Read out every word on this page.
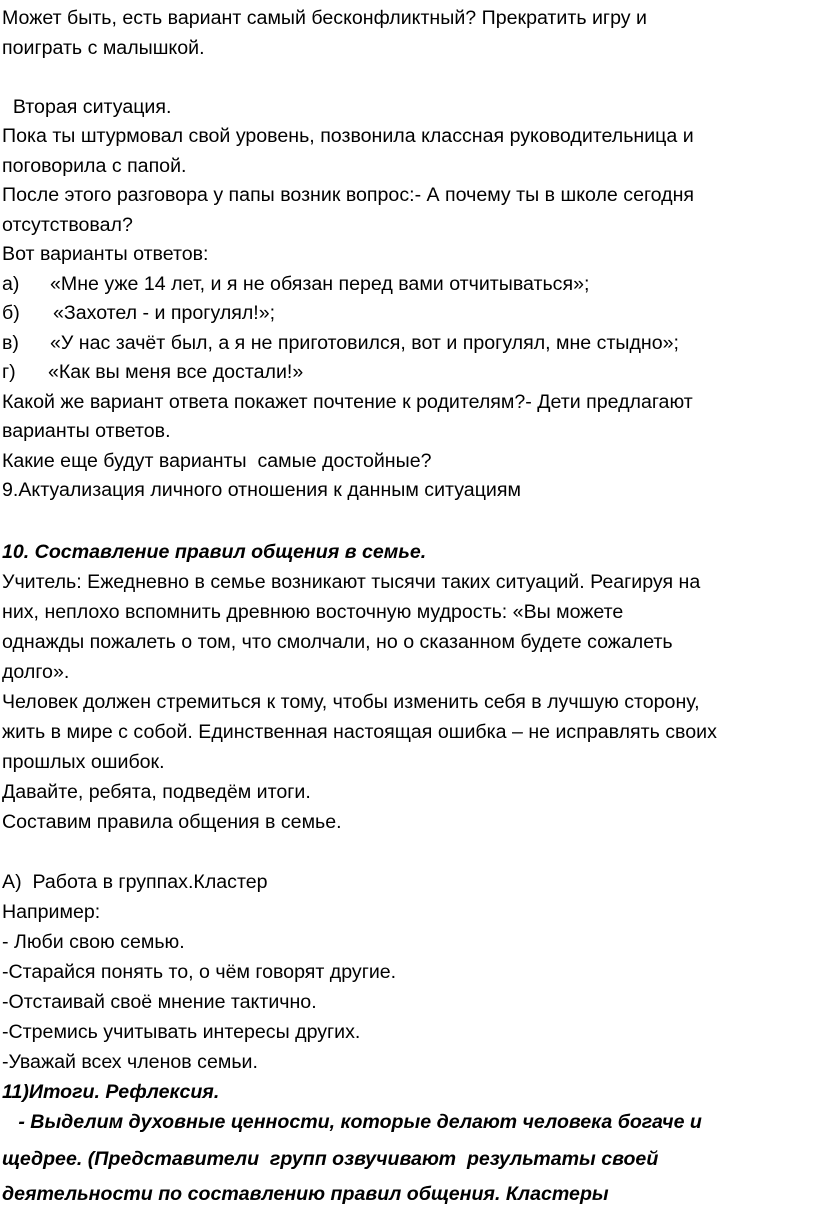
Может быть, есть вариант самый бесконфликтный? Прекратить игру и
поиграть с малышкой.
Вторая ситуация.
Пока ты штурмовал свой уровень, позвонила классная руководительница и
поговорила с папой.
После этого разговора у папы возник вопрос:- А почему ты в школе сегодня
отсутствовал?
Вот варианты ответов:
а) «Мне уже 14 лет, и я не обязан перед вами отчитываться»;
б) «Захотел - и прогулял!»;
в) «У нас зачёт был, а я не приготовился, вот и прогулял, мне стыдно»;
г) «Как вы меня все достали!»
Какой же вариант ответа покажет почтение к родителям?- Дети предлагают
варианты ответов.
Какие еще будут варианты  самые достойные?
9.Актуализация личного отношения к данным ситуациям
10. Составление правил общения в семье.
Учитель: Ежедневно в семье возникают тысячи таких ситуаций. Реагируя на
них, неплохо вспомнить древнюю восточную мудрость: «Вы можете
однажды пожалеть о том, что смолчали, но о сказанном будете сожалеть
долго».
Человек должен стремиться к тому, чтобы изменить себя в лучшую сторону,
жить в мире с собой. Единственная настоящая ошибка – не исправлять своих
прошлых ошибок.
Давайте, ребята, подведём итоги.
Составим правила общения в семье.
А)  Работа в группах.Кластер
Например:
- Люби свою семью.
-Старайся понять то, о чём говорят другие.
-Отстаивай своё мнение тактично.
-Стремись учитывать интересы других.
-Уважай всех членов семьи.
11)Итоги. Рефлексия.
- Выделим духовные ценности, которые делают человека богаче и
щедрее. (Представители  групп озвучивают  результаты своей
деятельности по составлению правил общения. Кластеры
